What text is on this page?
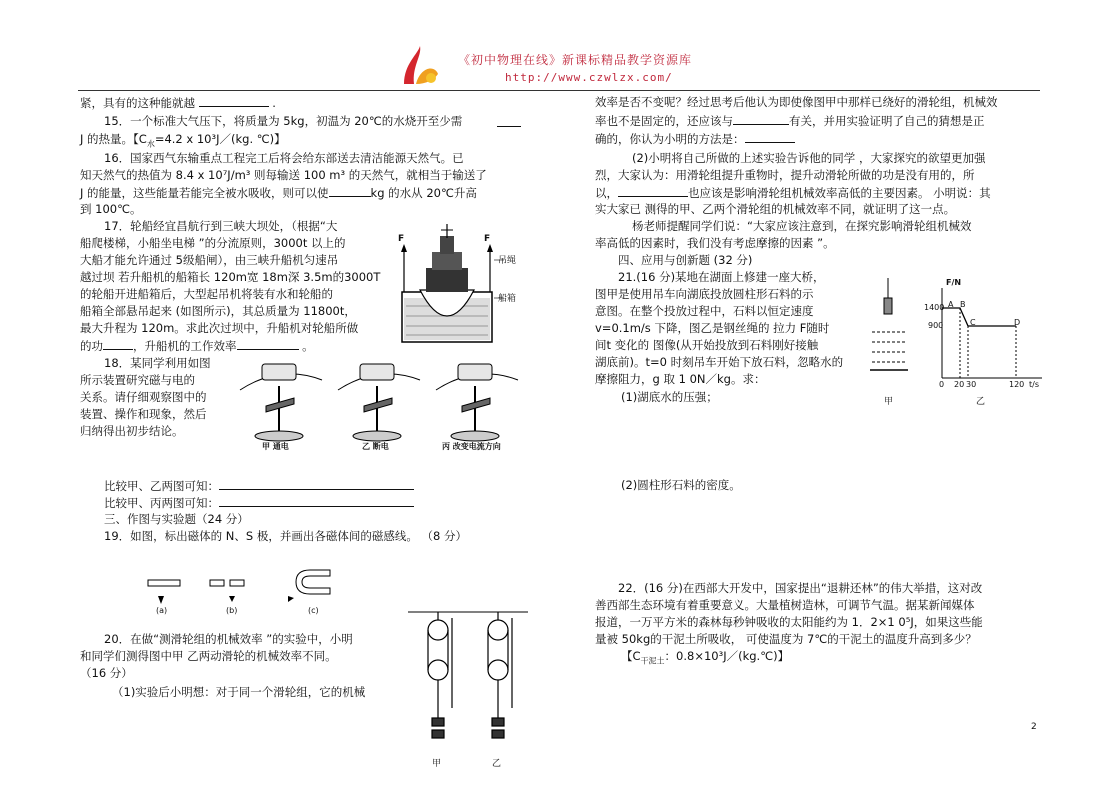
《初中物理在线》新课标精品教学资源库
http://www.czwlzx.com/
紧，具有的这种能就越	.
15．一个标准大气压下，将质量为 5kg，初温为 20℃的水烧开至少需
J 的热量。【$C_水=4.2$ x 10³J／(kg. ℃)】
16．国家西气东输重点工程完工后将会给东部送去清洁能源天然气。已
知天然气的热值为 8.4 x 10⁷J/m³ 则每输送 100 m³ 的天然气，就相当于输送了
J 的能量，这些能量若能完全被水吸收，则可以使	kg 的水从 20℃升高
到 100℃。
17．轮船经宜昌航行到三峡大坝处，（根据“大
船爬楼梯，小船坐电梯 ”的分流原则，3000t 以上的
大船才能允许通过 5级船闸），由三峡升船机匀速吊
越过坝 若升船机的船箱长 120m宽 18m深 3.5m的3000T
的轮船开进船箱后，大型起吊机将装有水和轮船的
船箱全部悬吊起来 (如图所示)，其总质量为 11800t，
最大升程为 120m。求此次过坝中，升船机对轮船所做
的功	，升船机的工作效率	。
F	F
吊绳
船箱
18．某同学利用如图
所示装置研究磁与电的
关系。请仔细观察图中的
装置、操作和现象，然后
归纳得出初步结论。
甲 通电	乙 断电	丙 改变电流方向
比较甲、乙两图可知：
比较甲、丙两图可知：
三、作图与实验题（24 分）
19．如图，标出磁体的 N、S 极，并画出各磁体间的磁感线。 （8 分）
(a)	(b)	(c)
20．在做“测滑轮组的机械效率 ”的实验中，小明
和同学们测得图中甲 乙两动滑轮的机械效率不同。
（16 分）
（1)实验后小明想：对于同一个滑轮组，它的机械
甲	乙
效率是否不变呢？经过思考后他认为即使像图甲中那样已绕好的滑轮组，机械效
率也不是固定的，还应该与	有关，并用实验证明了自己的猜想是正
确的，你认为小明的方法是：
(2)小明将自己所做的上述实验告诉他的同学 ，大家探究的欲望更加强
烈，大家认为：用滑轮组提升重物时，提升动滑轮所做的功是没有用的，所
以，	也应该是影响滑轮组机械效率高低的主要因素。 小明说：其
实大家已 测得的甲、乙两个滑轮组的机械效率不同，就证明了这一点。
杨老师提醒同学们说：“大家应该注意到，在探究影响滑轮组机械效
率高低的因素时，我们没有考虑摩擦的因素 ”。
四、应用与创新题 (32 分)
21.(16 分)某地在湖面上修建一座大桥，
图甲是使用吊车向湖底投放圆柱形石料的示
意图。在整个投放过程中，石料以恒定速度
v=0.1m/s 下降，图乙是钢丝绳的 拉力 F随时
间t 变化的 图像(从开始投放到石料刚好接触
湖底前)。t=0 时刻吊车开始下放石料，忽略水的
摩擦阻力，g 取 1 0N／kg。求：
(1)湖底水的压强；
F/N
1400
900
A B
C	D
0 20 30	120 t/s
甲	乙
(2)圆柱形石料的密度。
22．(16 分)在西部大开发中，国家提出“退耕还林”的伟大举措，这对改
善西部生态环境有着重要意义。大量植树造林，可调节气温。据某新闻媒体
报道，一万平方米的森林每秒钟吸收的太阳能约为 1．2×1 0⁵J，如果这些能
量被 50kg的干泥土所吸收， 可使温度为 7℃的干泥土的温度升高到多少？
【$C_{干泥土}$：0.8×10³J／(kg.℃)】
2
